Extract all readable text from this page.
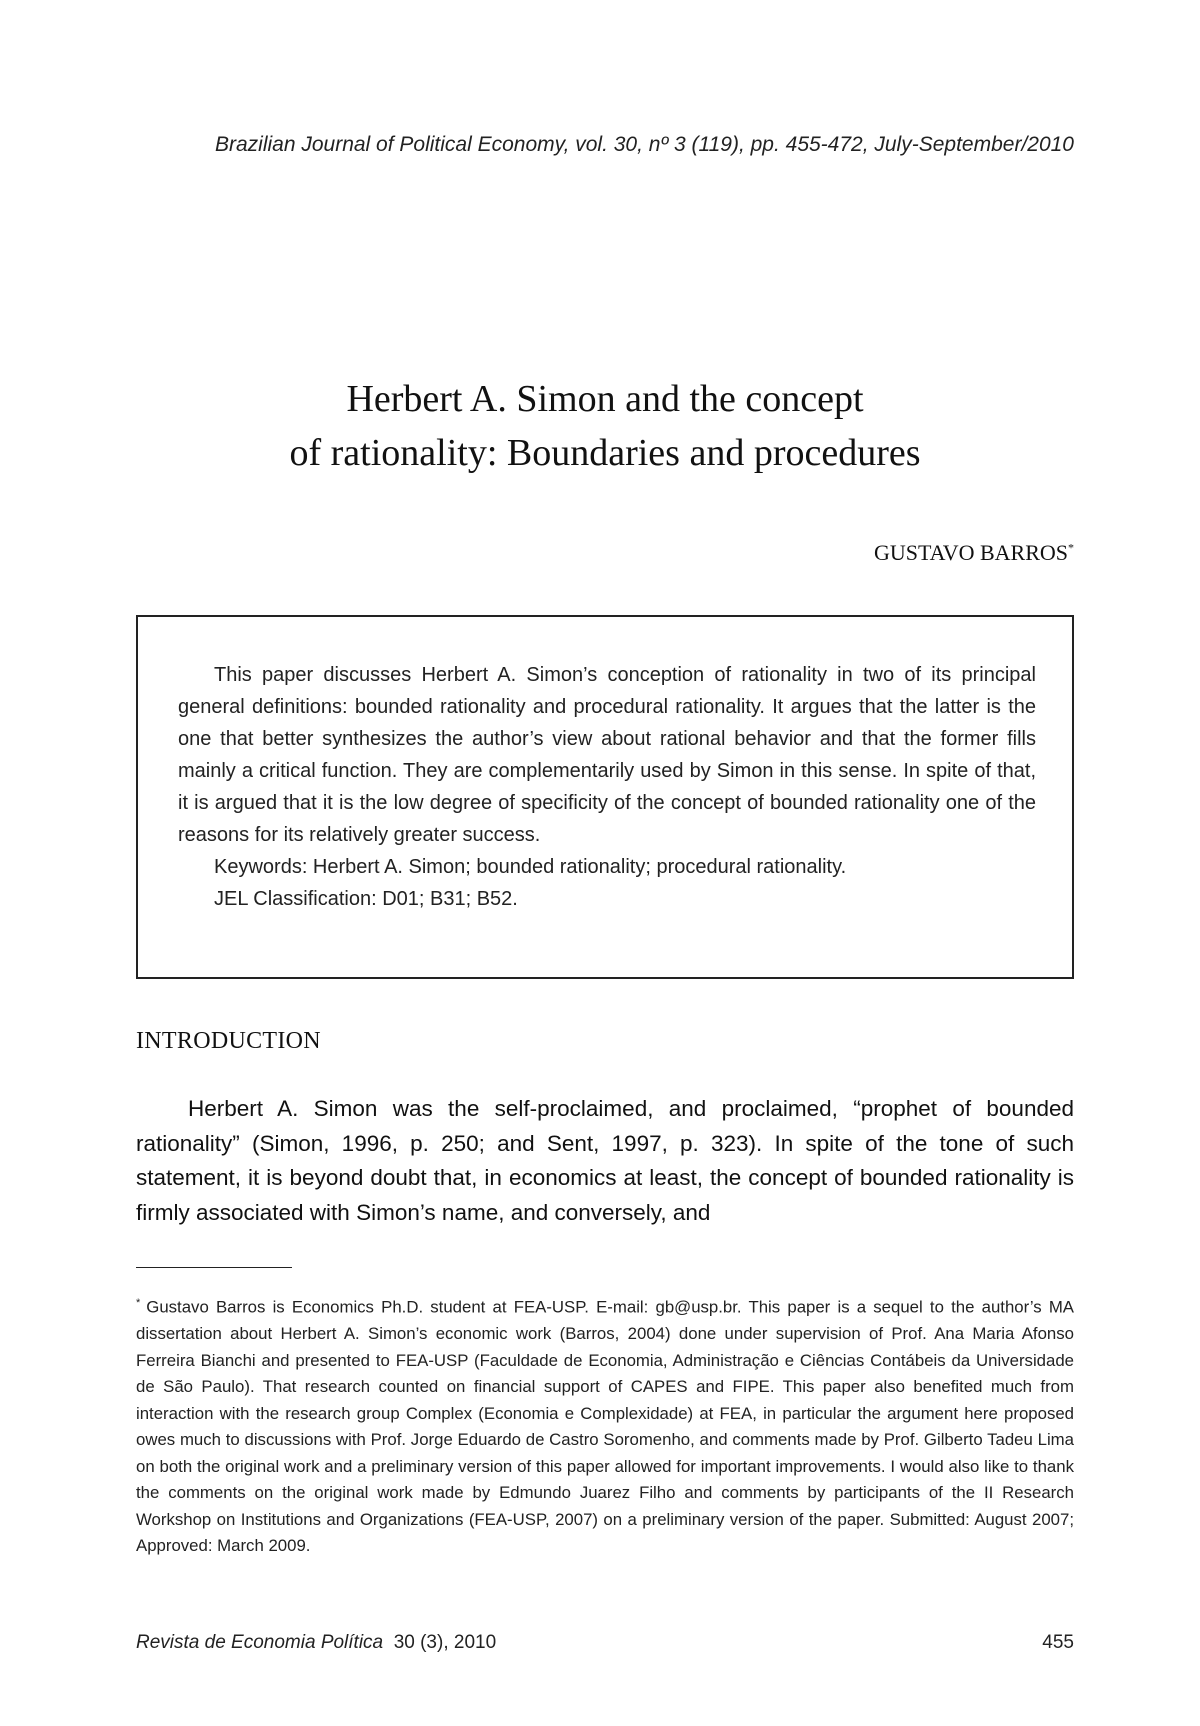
Brazilian Journal of Political Economy, vol. 30, nº 3 (119), pp. 455-472, July-September/2010
Herbert A. Simon and the concept
of rationality: Boundaries and procedures
GUSTAVO BARROS*

This paper discusses Herbert A. Simon’s conception of rationality in two of its principal general definitions: bounded rationality and procedural rationality. It argues that the latter is the one that better synthesizes the author’s view about rational behavior and that the former fills mainly a critical function. They are complementarily used by Simon in this sense. In spite of that, it is argued that it is the low degree of specificity of the concept of bounded rationality one of the reasons for its relatively greater success.

Keywords: Herbert A. Simon; bounded rationality; procedural rationality.

JEL Classification: D01; B31; B52.

INTRODUCTION

Herbert A. Simon was the self-proclaimed, and proclaimed, “prophet of bounded rationality” (Simon, 1996, p. 250; and Sent, 1997, p. 323). In spite of the tone of such statement, it is beyond doubt that, in economics at least, the concept of bounded rationality is firmly associated with Simon’s name, and conversely, and

* Gustavo Barros is Economics Ph.D. student at FEA-USP. E-mail: gb@usp.br. This paper is a sequel to the author’s MA dissertation about Herbert A. Simon’s economic work (Barros, 2004) done under supervision of Prof. Ana Maria Afonso Ferreira Bianchi and presented to FEA-USP (Faculdade de Economia, Administração e Ciências Contábeis da Universidade de São Paulo). That research counted on financial support of CAPES and FIPE. This paper also benefited much from interaction with the research group Complex (Economia e Complexidade) at FEA, in particular the argument here proposed owes much to discussions with Prof. Jorge Eduardo de Castro Soromenho, and comments made by Prof. Gilberto Tadeu Lima on both the original work and a preliminary version of this paper allowed for important improvements. I would also like to thank the comments on the original work made by Edmundo Juarez Filho and comments by participants of the II Research Workshop on Institutions and Organizations (FEA-USP, 2007) on a preliminary version of the paper. Submitted: August 2007; Approved: March 2009.

Revista de Economia Política 30 (3), 2010	455
